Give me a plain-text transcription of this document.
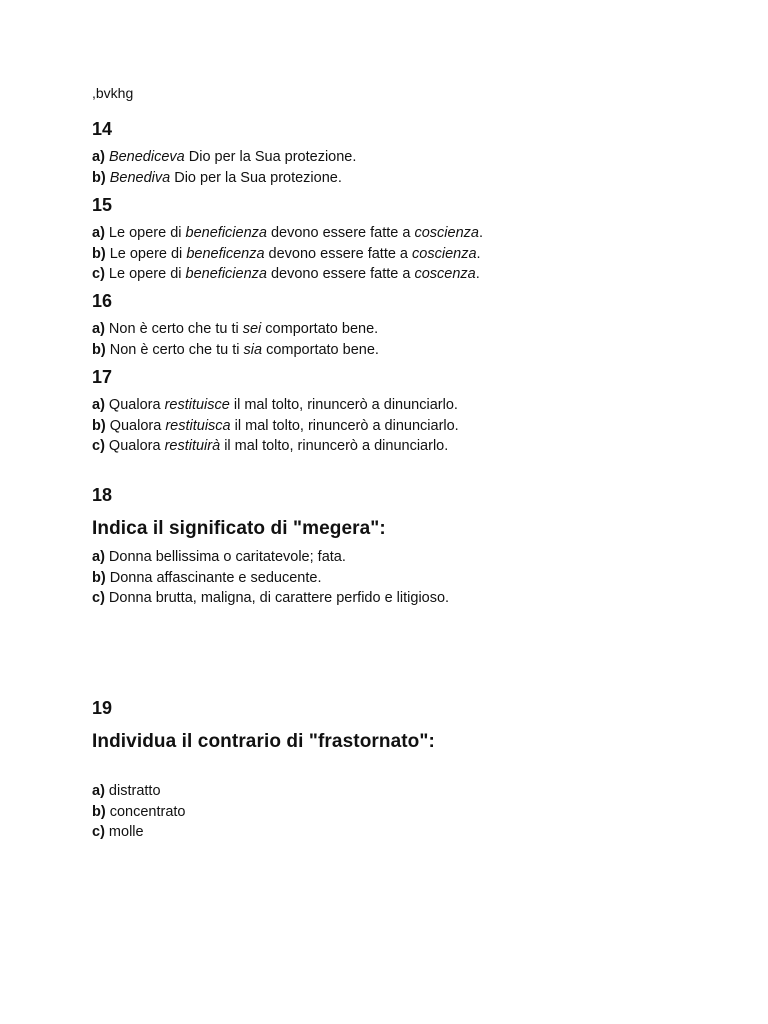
,bvkhg

14

a) Benediceva Dio per la Sua protezione.
b) Benediva Dio per la Sua protezione.

15

a) Le opere di beneficienza devono essere fatte a coscienza.
b) Le opere di beneficenza devono essere fatte a coscienza.
c) Le opere di beneficienza devono essere fatte a coscenza.

16

a) Non è certo che tu ti sei comportato bene.
b) Non è certo che tu ti sia comportato bene.

17

a) Qualora restituisce il mal tolto, rinuncerò a dinunciarlo.
b) Qualora restituisca il mal tolto, rinuncerò a dinunciarlo.
c) Qualora restituirà il mal tolto, rinuncerò a dinunciarlo.

18

Indica il significato di "megera":

a) Donna bellissima o caritatevole; fata.
b) Donna affascinante e seducente.
c) Donna brutta, maligna, di carattere perfido e litigioso.

19

Individua il contrario di "frastornato":

a) distratto
b) concentrato
c) molle
